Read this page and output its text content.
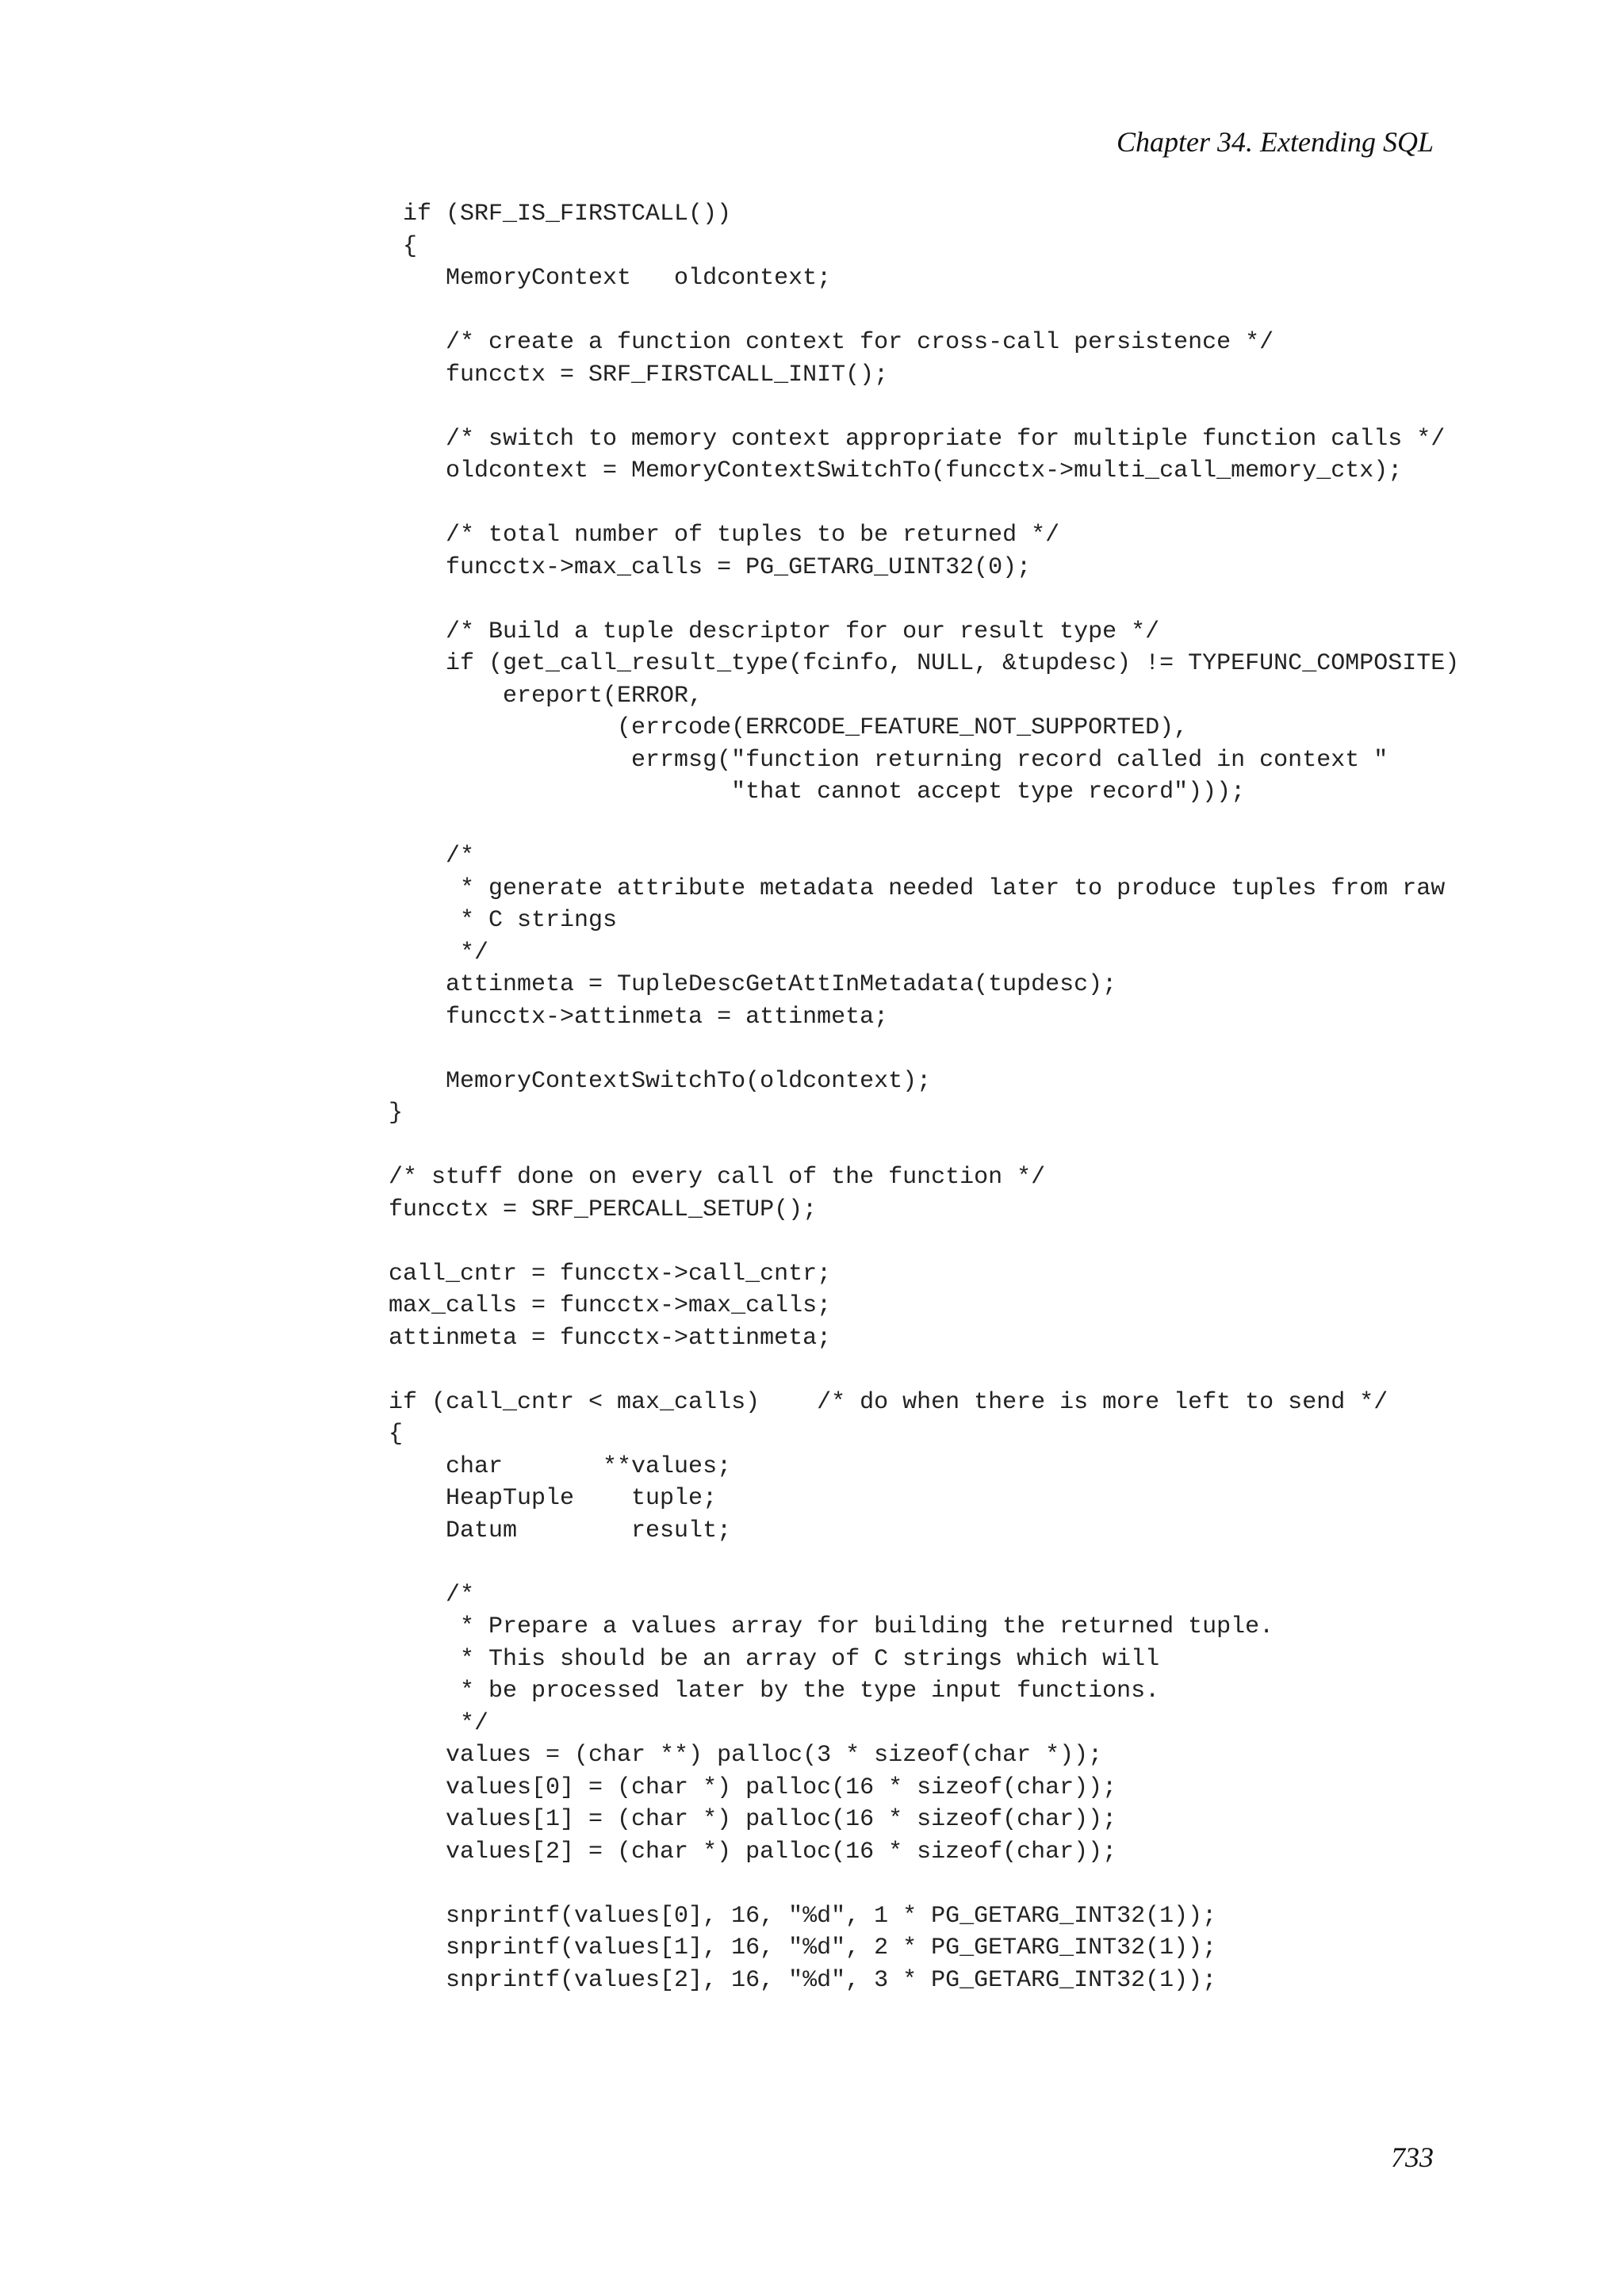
Chapter 34. Extending SQL
if (SRF_IS_FIRSTCALL())
{
MemoryContext   oldcontext;
/* create a function context for cross-call persistence */
funcctx = SRF_FIRSTCALL_INIT();
/* switch to memory context appropriate for multiple function calls */
oldcontext = MemoryContextSwitchTo(funcctx->multi_call_memory_ctx);
/* total number of tuples to be returned */
funcctx->max_calls = PG_GETARG_UINT32(0);
/* Build a tuple descriptor for our result type */
if (get_call_result_type(fcinfo, NULL, &tupdesc) != TYPEFUNC_COMPOSITE)
ereport(ERROR,
(errcode(ERRCODE_FEATURE_NOT_SUPPORTED),
errmsg("function returning record called in context "
"that cannot accept type record")));
/*
* generate attribute metadata needed later to produce tuples from raw
* C strings
*/
attinmeta = TupleDescGetAttInMetadata(tupdesc);
funcctx->attinmeta = attinmeta;
MemoryContextSwitchTo(oldcontext);
}
/* stuff done on every call of the function */
funcctx = SRF_PERCALL_SETUP();
call_cntr = funcctx->call_cntr;
max_calls = funcctx->max_calls;
attinmeta = funcctx->attinmeta;
if (call_cntr < max_calls)    /* do when there is more left to send */
{
char       **values;
HeapTuple    tuple;
Datum        result;
/*
* Prepare a values array for building the returned tuple.
* This should be an array of C strings which will
* be processed later by the type input functions.
*/
values = (char **) palloc(3 * sizeof(char *));
values[0] = (char *) palloc(16 * sizeof(char));
values[1] = (char *) palloc(16 * sizeof(char));
values[2] = (char *) palloc(16 * sizeof(char));
snprintf(values[0], 16, "%d", 1 * PG_GETARG_INT32(1));
snprintf(values[1], 16, "%d", 2 * PG_GETARG_INT32(1));
snprintf(values[2], 16, "%d", 3 * PG_GETARG_INT32(1));
733
